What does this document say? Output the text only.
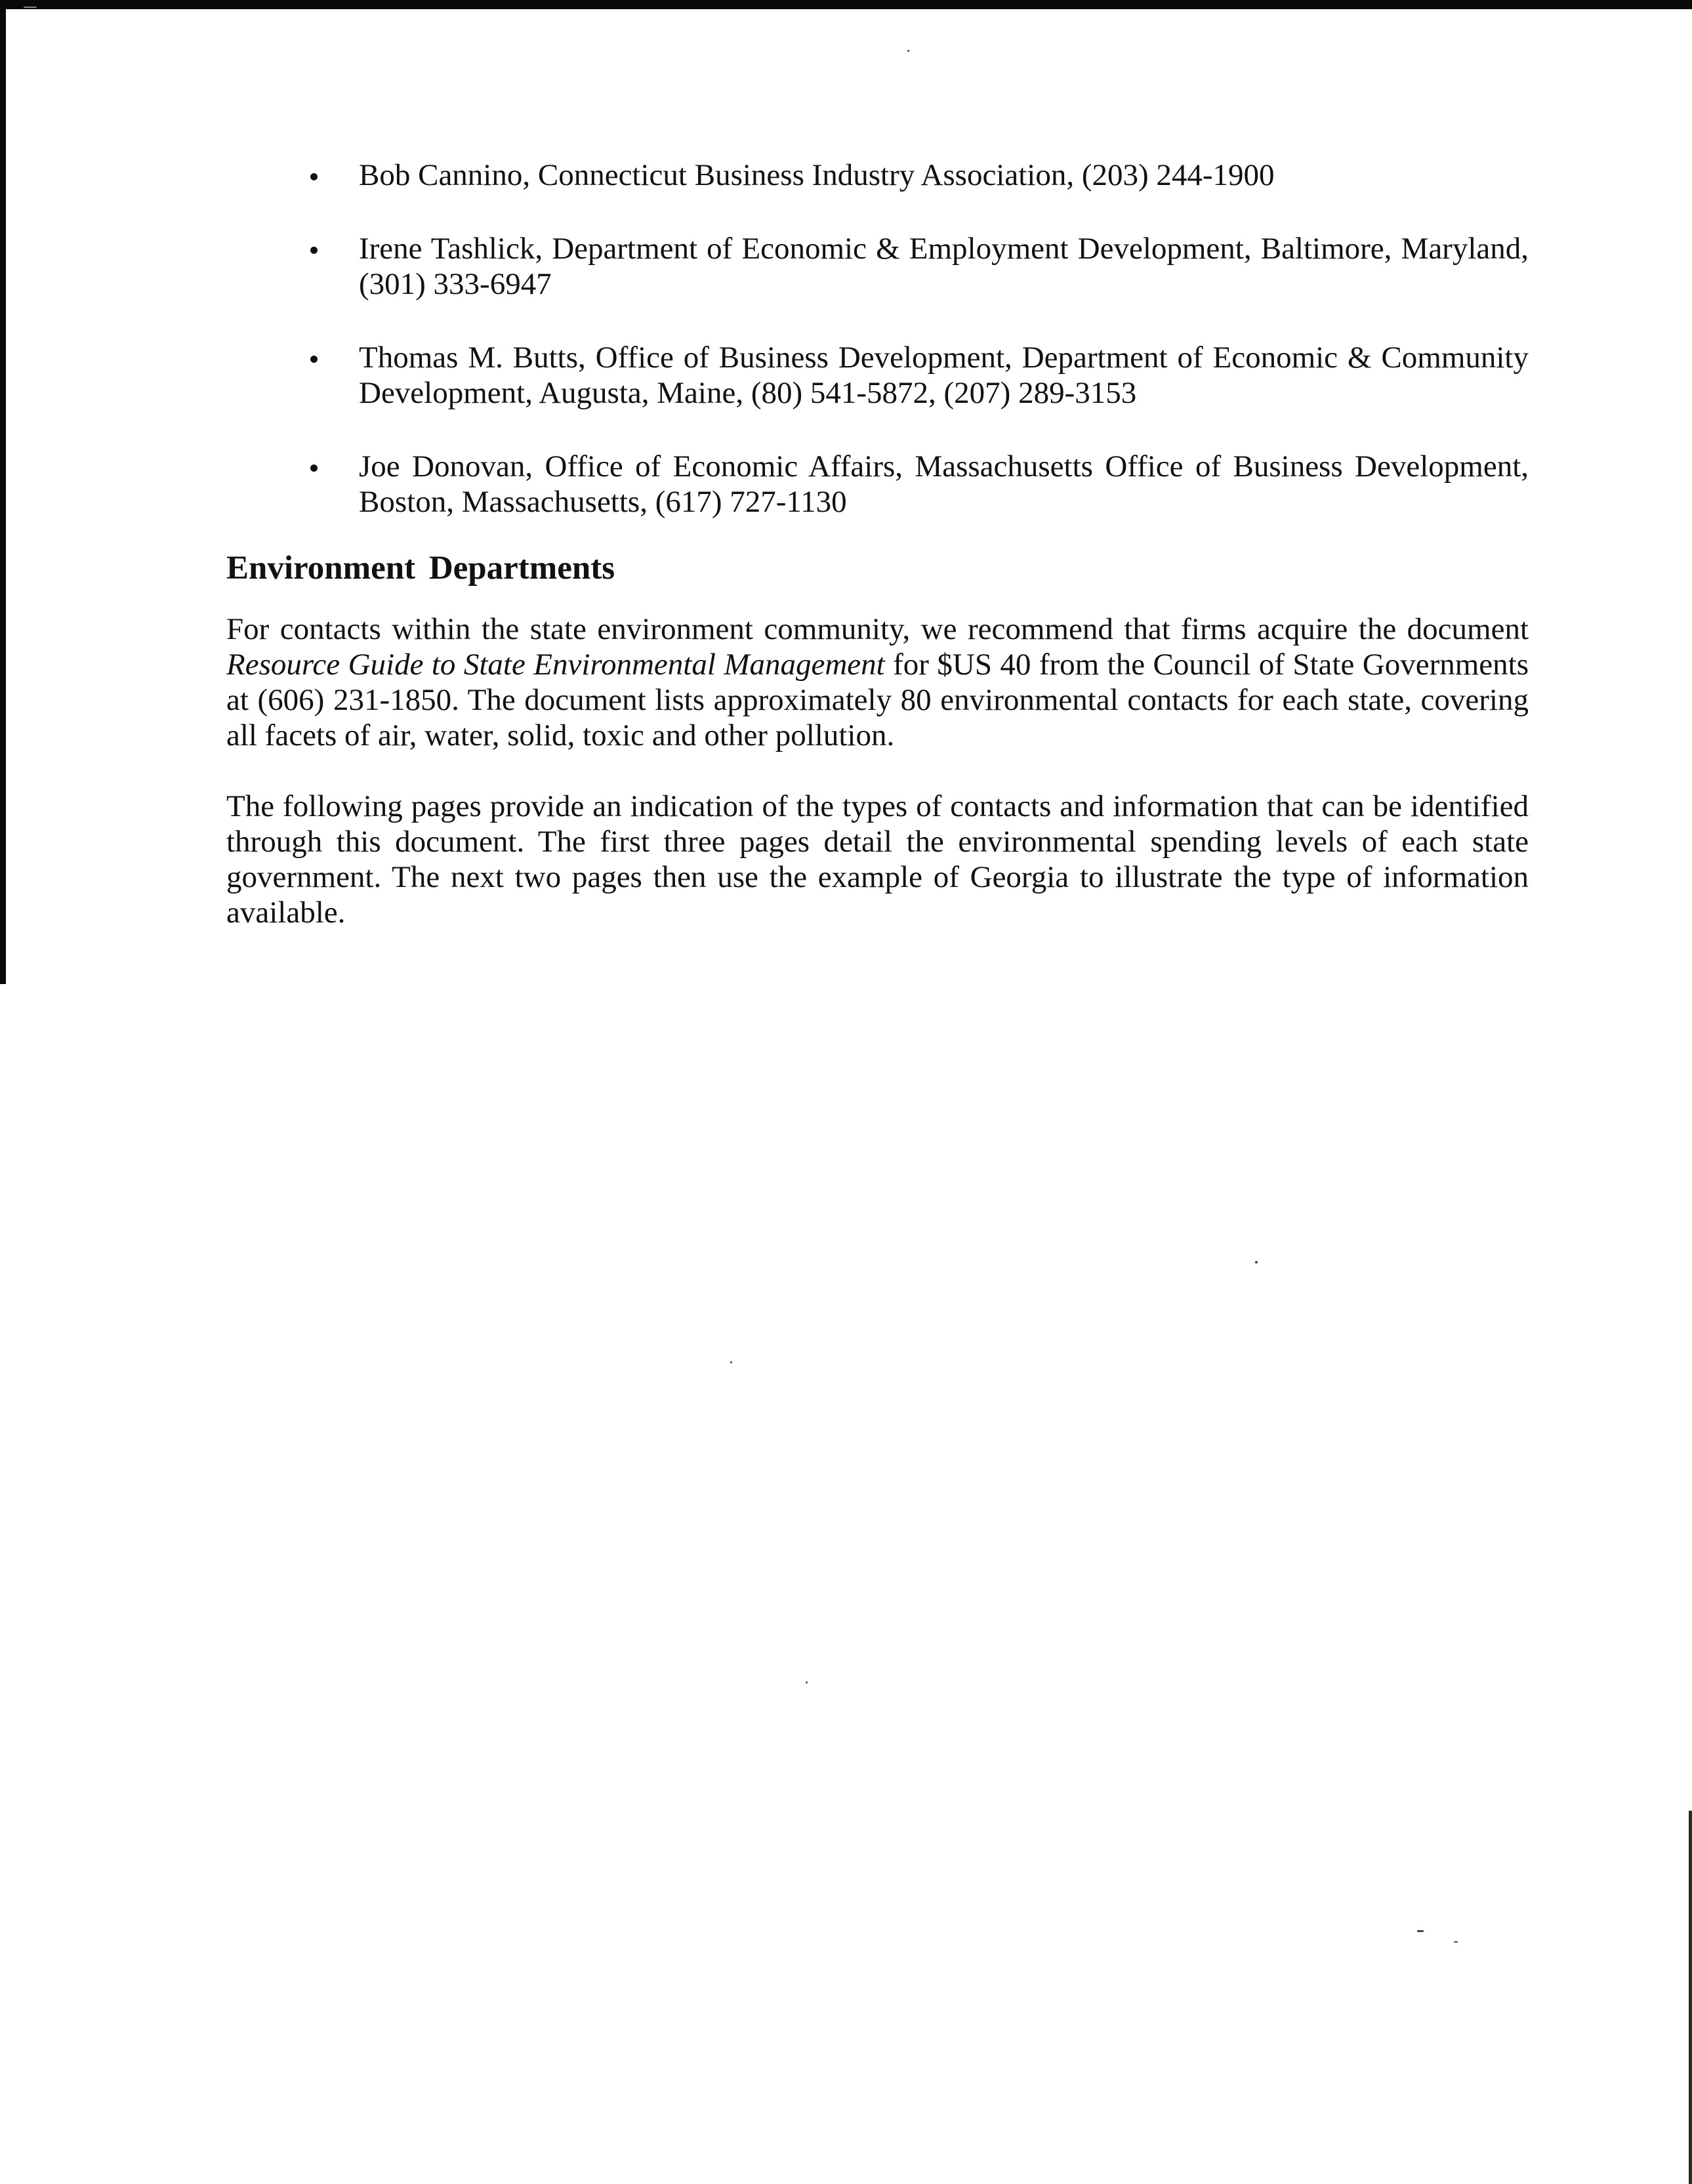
Bob Cannino, Connecticut Business Industry Association, (203) 244-1900
Irene Tashlick, Department of Economic & Employment Development, Baltimore, Maryland, (301) 333-6947
Thomas M. Butts, Office of Business Development, Department of Economic & Community Development, Augusta, Maine, (80) 541-5872, (207) 289-3153
Joe Donovan, Office of Economic Affairs, Massachusetts Office of Business Development, Boston, Massachusetts, (617) 727-1130
Environment Departments

For contacts within the state environment community, we recommend that firms acquire the document Resource Guide to State Environmental Management for $US 40 from the Council of State Governments at (606) 231-1850. The document lists approximately 80 environmental contacts for each state, covering all facets of air, water, solid, toxic and other pollution.

The following pages provide an indication of the types of contacts and information that can be identified through this document. The first three pages detail the environmental spending levels of each state government. The next two pages then use the example of Georgia to illustrate the type of information available.
